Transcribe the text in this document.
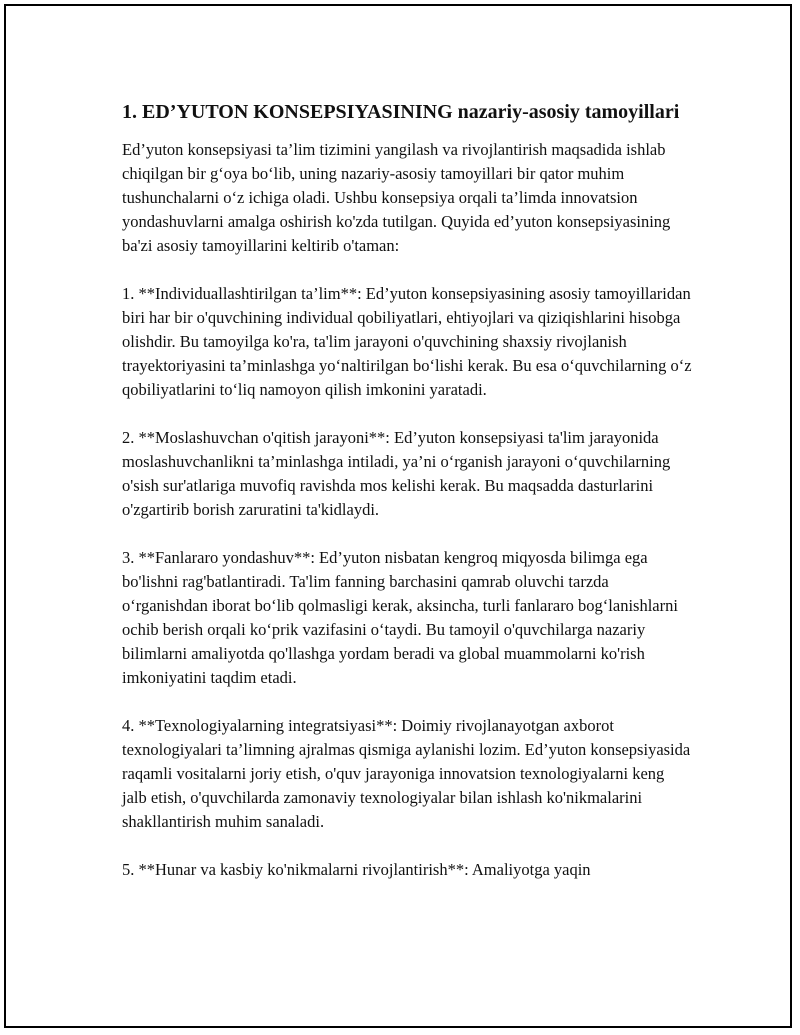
1. ED’YUTON KONSEPSIYASINING nazariy-asosiy tamoyillari

Ed’yuton konsepsiyasi ta’lim tizimini yangilash va rivojlantirish maqsadida ishlab chiqilgan bir g‘oya bo‘lib, uning nazariy-asosiy tamoyillari bir qator muhim tushunchalarni o‘z ichiga oladi. Ushbu konsepsiya orqali ta’limda innovatsion yondashuvlarni amalga oshirish ko'zda tutilgan. Quyida ed’yuton konsepsiyasining ba'zi asosiy tamoyillarini keltirib o'taman:

1. **Individuallashtirilgan ta’lim**: Ed’yuton konsepsiyasining asosiy tamoyillaridan biri har bir o'quvchining individual qobiliyatlari, ehtiyojlari va qiziqishlarini hisobga olishdir. Bu tamoyilga ko'ra, ta'lim jarayoni o'quvchining shaxsiy rivojlanish trayektoriyasini ta’minlashga yo‘naltirilgan bo‘lishi kerak. Bu esa o‘quvchilarning o‘z qobiliyatlarini to‘liq namoyon qilish imkonini yaratadi.

2. **Moslashuvchan o'qitish jarayoni**: Ed’yuton konsepsiyasi ta'lim jarayonida moslashuvchanlikni ta’minlashga intiladi, ya’ni o‘rganish jarayoni o‘quvchilarning o'sish sur'atlariga muvofiq ravishda mos kelishi kerak. Bu maqsadda dasturlarini o'zgartirib borish zaruratini ta'kidlaydi.

3. **Fanlararo yondashuv**: Ed’yuton nisbatan kengroq miqyosda bilimga ega bo'lishni rag'batlantiradi. Ta'lim fanning barchasini qamrab oluvchi tarzda o‘rganishdan iborat bo‘lib qolmasligi kerak, aksincha, turli fanlararo bog‘lanishlarni ochib berish orqali ko‘prik vazifasini o‘taydi. Bu tamoyil o'quvchilarga nazariy bilimlarni amaliyotda qo'llashga yordam beradi va global muammolarni ko'rish imkoniyatini taqdim etadi.

4. **Texnologiyalarning integratsiyasi**: Doimiy rivojlanayotgan axborot texnologiyalari ta’limning ajralmas qismiga aylanishi lozim. Ed’yuton konsepsiyasida raqamli vositalarni joriy etish, o'quv jarayoniga innovatsion texnologiyalarni keng jalb etish, o'quvchilarda zamonaviy texnologiyalar bilan ishlash ko'nikmalarini shakllantirish muhim sanaladi.

5. **Hunar va kasbiy ko'nikmalarni rivojlantirish**: Amaliyotga yaqin
